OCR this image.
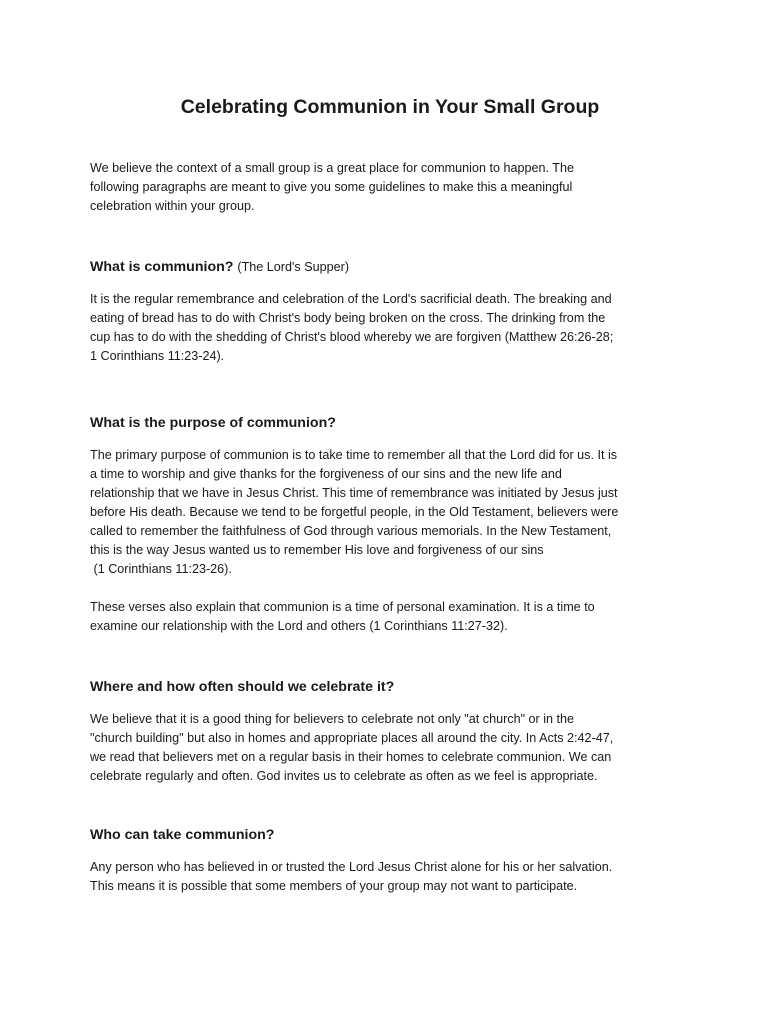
Celebrating Communion in Your Small Group

We believe the context of a small group is a great place for communion to happen. The
following paragraphs are meant to give you some guidelines to make this a meaningful
celebration within your group.

What is communion? (The Lord's Supper)

It is the regular remembrance and celebration of the Lord's sacrificial death. The breaking and
eating of bread has to do with Christ's body being broken on the cross. The drinking from the
cup has to do with the shedding of Christ's blood whereby we are forgiven (Matthew 26:26-28;
1 Corinthians 11:23-24).

What is the purpose of communion?

The primary purpose of communion is to take time to remember all that the Lord did for us. It is
a time to worship and give thanks for the forgiveness of our sins and the new life and
relationship that we have in Jesus Christ. This time of remembrance was initiated by Jesus just
before His death. Because we tend to be forgetful people, in the Old Testament, believers were
called to remember the faithfulness of God through various memorials. In the New Testament,
this is the way Jesus wanted us to remember His love and forgiveness of our sins
(1 Corinthians 11:23-26).

These verses also explain that communion is a time of personal examination. It is a time to
examine our relationship with the Lord and others (1 Corinthians 11:27-32).

Where and how often should we celebrate it?

We believe that it is a good thing for believers to celebrate not only "at church" or in the
"church building" but also in homes and appropriate places all around the city. In Acts 2:42-47,
we read that believers met on a regular basis in their homes to celebrate communion. We can
celebrate regularly and often. God invites us to celebrate as often as we feel is appropriate.

Who can take communion?

Any person who has believed in or trusted the Lord Jesus Christ alone for his or her salvation.
This means it is possible that some members of your group may not want to participate.
